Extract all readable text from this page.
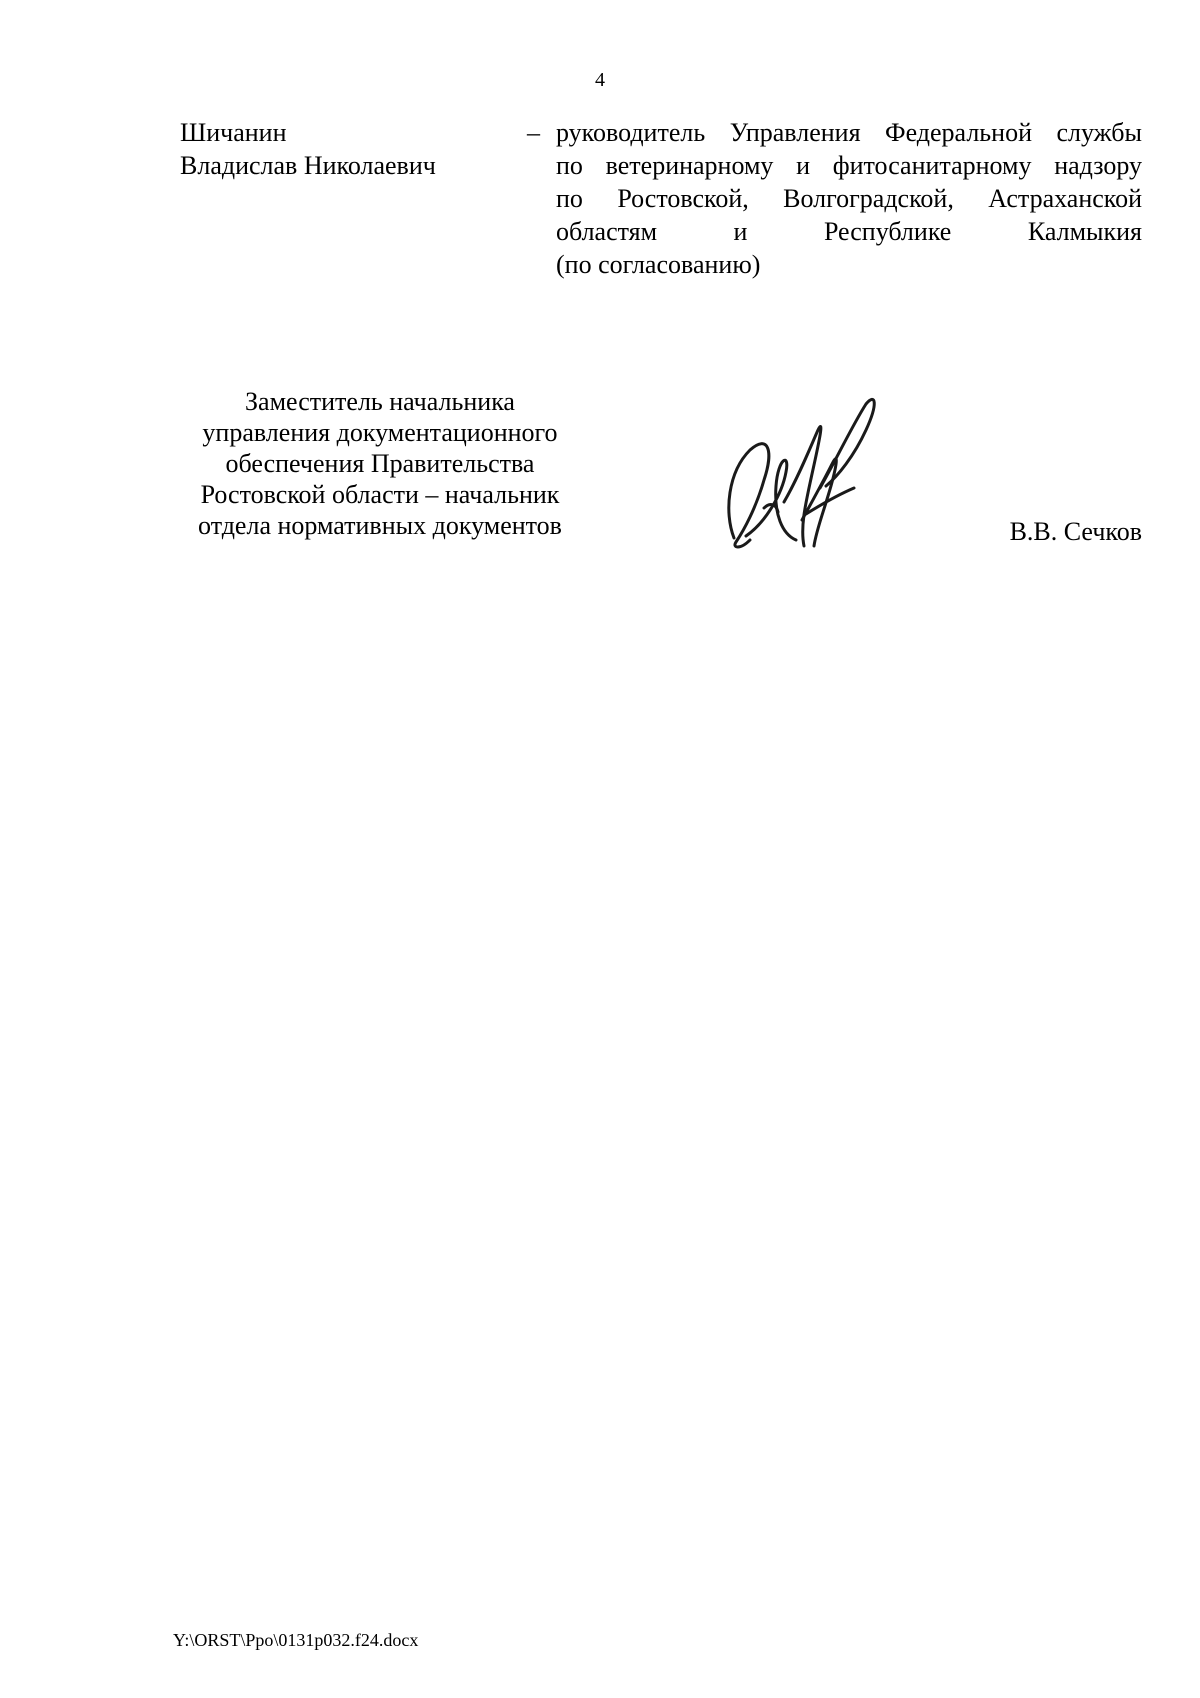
4
Шичанин
Владислав Николаевич
– руководитель Управления Федеральной службы
по ветеринарному и фитосанитарному надзору
по Ростовской, Волгоградской, Астраханской
областям и Республике Калмыкия
(по согласованию)
Заместитель начальника
управления документационного
обеспечения Правительства
Ростовской области – начальник
отдела нормативных документов	В.В. Сечков
Y:\ORST\Ppo\0131p032.f24.docx
